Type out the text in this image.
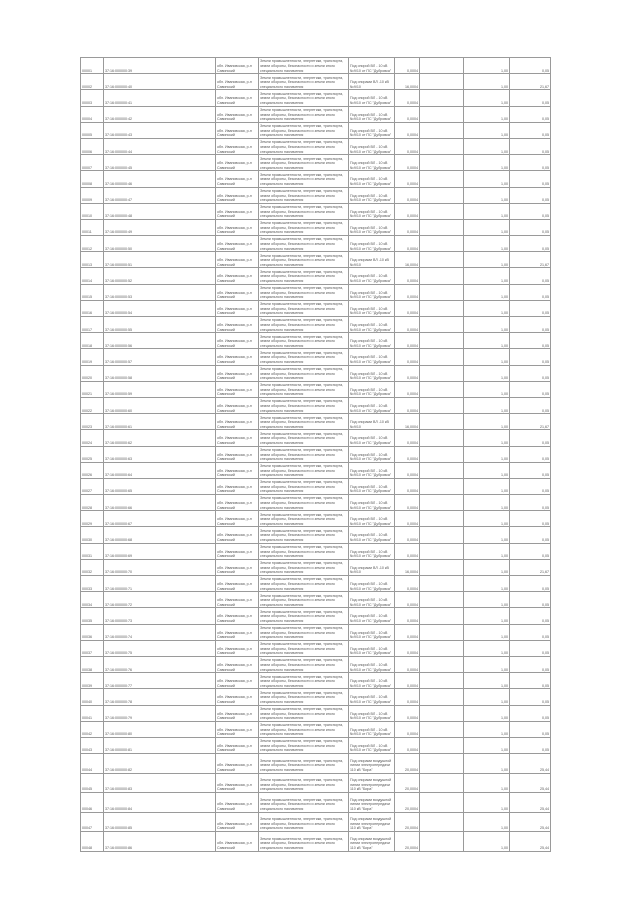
00001	37:16:000000:39	обл. Ивановская, р-н Савинский	Земли промышленности, энергетики, транспорта, земли обороны, безопасности и земли иного специального назначения	Под опорой ВЛ - 10 кВ №9/10 от ПС "Дубровка"	0,0004		1,00	0,05
00002	37:16:000000:40	обл. Ивановская, р-н Савинский	Земли промышленности, энергетики, транспорта, земли обороны, безопасности и земли иного специального назначения	Под опорами ВЛ -10 кВ №9/10	16,0004		1,00	21,67
00003	37:16:000000:41	обл. Ивановская, р-н Савинский	Земли промышленности, энергетики, транспорта, земли обороны, безопасности и земли иного специального назначения	Под опорой ВЛ - 10 кВ №9/10 от ПС "Дубровка"	0,0004		1,00	0,05
00004	37:16:000000:42	обл. Ивановская, р-н Савинский	Земли промышленности, энергетики, транспорта, земли обороны, безопасности и земли иного специального назначения	Под опорой ВЛ - 10 кВ №9/10 от ПС "Дубровка"	0,0004		1,00	0,05
00005	37:16:000000:43	обл. Ивановская, р-н Савинский	Земли промышленности, энергетики, транспорта, земли обороны, безопасности и земли иного специального назначения	Под опорой ВЛ - 10 кВ №9/10 от ПС "Дубровка"	0,0004		1,00	0,05
00006	37:16:000000:44	обл. Ивановская, р-н Савинский	Земли промышленности, энергетики, транспорта, земли обороны, безопасности и земли иного специального назначения	Под опорой ВЛ - 10 кВ №9/10 от ПС "Дубровка"	0,0004		1,00	0,05
00007	37:16:000000:45	обл. Ивановская, р-н Савинский	Земли промышленности, энергетики, транспорта, земли обороны, безопасности и земли иного специального назначения	Под опорой ВЛ - 10 кВ №9/10 от ПС "Дубровка"	0,0004		1,00	0,05
00008	37:16:000000:46	обл. Ивановская, р-н Савинский	Земли промышленности, энергетики, транспорта, земли обороны, безопасности и земли иного специального назначения	Под опорой ВЛ - 10 кВ №9/10 от ПС "Дубровка"	0,0004		1,00	0,05
00009	37:16:000000:47	обл. Ивановская, р-н Савинский	Земли промышленности, энергетики, транспорта, земли обороны, безопасности и земли иного специального назначения	Под опорой ВЛ - 10 кВ №9/10 от ПС "Дубровка"	0,0004		1,00	0,05
00010	37:16:000000:48	обл. Ивановская, р-н Савинский	Земли промышленности, энергетики, транспорта, земли обороны, безопасности и земли иного специального назначения	Под опорой ВЛ - 10 кВ №9/10 от ПС "Дубровка"	0,0004		1,00	0,05
00011	37:16:000000:49	обл. Ивановская, р-н Савинский	Земли промышленности, энергетики, транспорта, земли обороны, безопасности и земли иного специального назначения	Под опорой ВЛ - 10 кВ №9/10 от ПС "Дубровка"	0,0004		1,00	0,05
00012	37:16:000000:50	обл. Ивановская, р-н Савинский	Земли промышленности, энергетики, транспорта, земли обороны, безопасности и земли иного специального назначения	Под опорой ВЛ - 10 кВ №9/10 от ПС "Дубровка"	0,0004		1,00	0,05
00013	37:16:000000:51	обл. Ивановская, р-н Савинский	Земли промышленности, энергетики, транспорта, земли обороны, безопасности и земли иного специального назначения	Под опорами ВЛ -10 кВ №9/10	16,0004		1,00	21,67
00014	37:16:000000:52	обл. Ивановская, р-н Савинский	Земли промышленности, энергетики, транспорта, земли обороны, безопасности и земли иного специального назначения	Под опорой ВЛ - 10 кВ №9/10 от ПС "Дубровка"	0,0004		1,00	0,05
00015	37:16:000000:53	обл. Ивановская, р-н Савинский	Земли промышленности, энергетики, транспорта, земли обороны, безопасности и земли иного специального назначения	Под опорой ВЛ - 10 кВ №9/10 от ПС "Дубровка"	0,0004		1,00	0,05
00016	37:16:000000:54	обл. Ивановская, р-н Савинский	Земли промышленности, энергетики, транспорта, земли обороны, безопасности и земли иного специального назначения	Под опорой ВЛ - 10 кВ №9/10 от ПС "Дубровка"	0,0004		1,00	0,05
00017	37:16:000000:55	обл. Ивановская, р-н Савинский	Земли промышленности, энергетики, транспорта, земли обороны, безопасности и земли иного специального назначения	Под опорой ВЛ - 10 кВ №9/10 от ПС "Дубровка"	0,0004		1,00	0,05
00018	37:16:000000:56	обл. Ивановская, р-н Савинский	Земли промышленности, энергетики, транспорта, земли обороны, безопасности и земли иного специального назначения	Под опорой ВЛ - 10 кВ №9/10 от ПС "Дубровка"	0,0004		1,00	0,05
00019	37:16:000000:57	обл. Ивановская, р-н Савинский	Земли промышленности, энергетики, транспорта, земли обороны, безопасности и земли иного специального назначения	Под опорой ВЛ - 10 кВ №9/10 от ПС "Дубровка"	0,0004		1,00	0,05
00020	37:16:000000:58	обл. Ивановская, р-н Савинский	Земли промышленности, энергетики, транспорта, земли обороны, безопасности и земли иного специального назначения	Под опорой ВЛ - 10 кВ №9/10 от ПС "Дубровка"	0,0004		1,00	0,05
00021	37:16:000000:59	обл. Ивановская, р-н Савинский	Земли промышленности, энергетики, транспорта, земли обороны, безопасности и земли иного специального назначения	Под опорой ВЛ - 10 кВ №9/10 от ПС "Дубровка"	0,0004		1,00	0,05
00022	37:16:000000:60	обл. Ивановская, р-н Савинский	Земли промышленности, энергетики, транспорта, земли обороны, безопасности и земли иного специального назначения	Под опорой ВЛ - 10 кВ №9/10 от ПС "Дубровка"	0,0004		1,00	0,05
00023	37:16:000000:61	обл. Ивановская, р-н Савинский	Земли промышленности, энергетики, транспорта, земли обороны, безопасности и земли иного специального назначения	Под опорами ВЛ -10 кВ №9/10	16,0004		1,00	21,67
00024	37:16:000000:62	обл. Ивановская, р-н Савинский	Земли промышленности, энергетики, транспорта, земли обороны, безопасности и земли иного специального назначения	Под опорой ВЛ - 10 кВ №9/10 от ПС "Дубровка"	0,0004		1,00	0,05
00025	37:16:000000:63	обл. Ивановская, р-н Савинский	Земли промышленности, энергетики, транспорта, земли обороны, безопасности и земли иного специального назначения	Под опорой ВЛ - 10 кВ №9/10 от ПС "Дубровка"	0,0004		1,00	0,05
00026	37:16:000000:64	обл. Ивановская, р-н Савинский	Земли промышленности, энергетики, транспорта, земли обороны, безопасности и земли иного специального назначения	Под опорой ВЛ - 10 кВ №9/10 от ПС "Дубровка"	0,0004		1,00	0,05
00027	37:16:000000:65	обл. Ивановская, р-н Савинский	Земли промышленности, энергетики, транспорта, земли обороны, безопасности и земли иного специального назначения	Под опорой ВЛ - 10 кВ №9/10 от ПС "Дубровка"	0,0004		1,00	0,05
00028	37:16:000000:66	обл. Ивановская, р-н Савинский	Земли промышленности, энергетики, транспорта, земли обороны, безопасности и земли иного специального назначения	Под опорой ВЛ - 10 кВ №9/10 от ПС "Дубровка"	0,0004		1,00	0,05
00029	37:16:000000:67	обл. Ивановская, р-н Савинский	Земли промышленности, энергетики, транспорта, земли обороны, безопасности и земли иного специального назначения	Под опорой ВЛ - 10 кВ №9/10 от ПС "Дубровка"	0,0004		1,00	0,05
00030	37:16:000000:68	обл. Ивановская, р-н Савинский	Земли промышленности, энергетики, транспорта, земли обороны, безопасности и земли иного специального назначения	Под опорой ВЛ - 10 кВ №9/10 от ПС "Дубровка"	0,0004		1,00	0,05
00031	37:16:000000:69	обл. Ивановская, р-н Савинский	Земли промышленности, энергетики, транспорта, земли обороны, безопасности и земли иного специального назначения	Под опорой ВЛ - 10 кВ №9/10 от ПС "Дубровка"	0,0004		1,00	0,05
00032	37:16:000000:70	обл. Ивановская, р-н Савинский	Земли промышленности, энергетики, транспорта, земли обороны, безопасности и земли иного специального назначения	Под опорами ВЛ -10 кВ №9/10	16,0004		1,00	21,67
00033	37:16:000000:71	обл. Ивановская, р-н Савинский	Земли промышленности, энергетики, транспорта, земли обороны, безопасности и земли иного специального назначения	Под опорой ВЛ - 10 кВ №9/10 от ПС "Дубровка"	0,0004		1,00	0,05
00034	37:16:000000:72	обл. Ивановская, р-н Савинский	Земли промышленности, энергетики, транспорта, земли обороны, безопасности и земли иного специального назначения	Под опорой ВЛ - 10 кВ №9/10 от ПС "Дубровка"	0,0004		1,00	0,05
00035	37:16:000000:73	обл. Ивановская, р-н Савинский	Земли промышленности, энергетики, транспорта, земли обороны, безопасности и земли иного специального назначения	Под опорой ВЛ - 10 кВ №9/10 от ПС "Дубровка"	0,0004		1,00	0,05
00036	37:16:000000:74	обл. Ивановская, р-н Савинский	Земли промышленности, энергетики, транспорта, земли обороны, безопасности и земли иного специального назначения	Под опорой ВЛ - 10 кВ №9/10 от ПС "Дубровка"	0,0004		1,00	0,05
00037	37:16:000000:75	обл. Ивановская, р-н Савинский	Земли промышленности, энергетики, транспорта, земли обороны, безопасности и земли иного специального назначения	Под опорой ВЛ - 10 кВ №9/10 от ПС "Дубровка"	0,0004		1,00	0,05
00038	37:16:000000:76	обл. Ивановская, р-н Савинский	Земли промышленности, энергетики, транспорта, земли обороны, безопасности и земли иного специального назначения	Под опорой ВЛ - 10 кВ №9/10 от ПС "Дубровка"	0,0004		1,00	0,05
00039	37:16:000000:77	обл. Ивановская, р-н Савинский	Земли промышленности, энергетики, транспорта, земли обороны, безопасности и земли иного специального назначения	Под опорой ВЛ - 10 кВ №9/10 от ПС "Дубровка"	0,0004		1,00	0,05
00040	37:16:000000:78	обл. Ивановская, р-н Савинский	Земли промышленности, энергетики, транспорта, земли обороны, безопасности и земли иного специального назначения	Под опорой ВЛ - 10 кВ №9/10 от ПС "Дубровка"	0,0004		1,00	0,05
00041	37:16:000000:79	обл. Ивановская, р-н Савинский	Земли промышленности, энергетики, транспорта, земли обороны, безопасности и земли иного специального назначения	Под опорой ВЛ - 10 кВ №9/10 от ПС "Дубровка"	0,0004		1,00	0,05
00042	37:16:000000:80	обл. Ивановская, р-н Савинский	Земли промышленности, энергетики, транспорта, земли обороны, безопасности и земли иного специального назначения	Под опорой ВЛ - 10 кВ №9/10 от ПС "Дубровка"	0,0004		1,00	0,05
00043	37:16:000000:81	обл. Ивановская, р-н Савинский	Земли промышленности, энергетики, транспорта, земли обороны, безопасности и земли иного специального назначения	Под опорой ВЛ - 10 кВ №9/10 от ПС "Дубровка"	0,0004		1,00	0,05
00044	37:16:000000:82	обл. Ивановская, р-н Савинский	Земли промышленности, энергетики, транспорта, земли обороны, безопасности и земли иного специального назначения	Под опорами воздушной линии электропередачи 110 кВ "Бира"	20,0004		1,00	25,44
00045	37:16:000000:83	обл. Ивановская, р-н Савинский	Земли промышленности, энергетики, транспорта, земли обороны, безопасности и земли иного специального назначения	Под опорами воздушной линии электропередачи 110 кВ "Бира"	20,0004		1,00	25,44
00046	37:16:000000:84	обл. Ивановская, р-н Савинский	Земли промышленности, энергетики, транспорта, земли обороны, безопасности и земли иного специального назначения	Под опорами воздушной линии электропередачи 110 кВ "Бира"	20,0004		1,00	25,44
00047	37:16:000000:85	обл. Ивановская, р-н Савинский	Земли промышленности, энергетики, транспорта, земли обороны, безопасности и земли иного специального назначения	Под опорами воздушной линии электропередачи 110 кВ "Бира"	20,0004		1,00	25,44
00048	37:16:000000:86	обл. Ивановская, р-н Савинский	Земли промышленности, энергетики, транспорта, земли обороны, безопасности и земли иного специального назначения	Под опорами воздушной линии электропередачи 110 кВ "Бира"	20,0004		1,00	25,44
